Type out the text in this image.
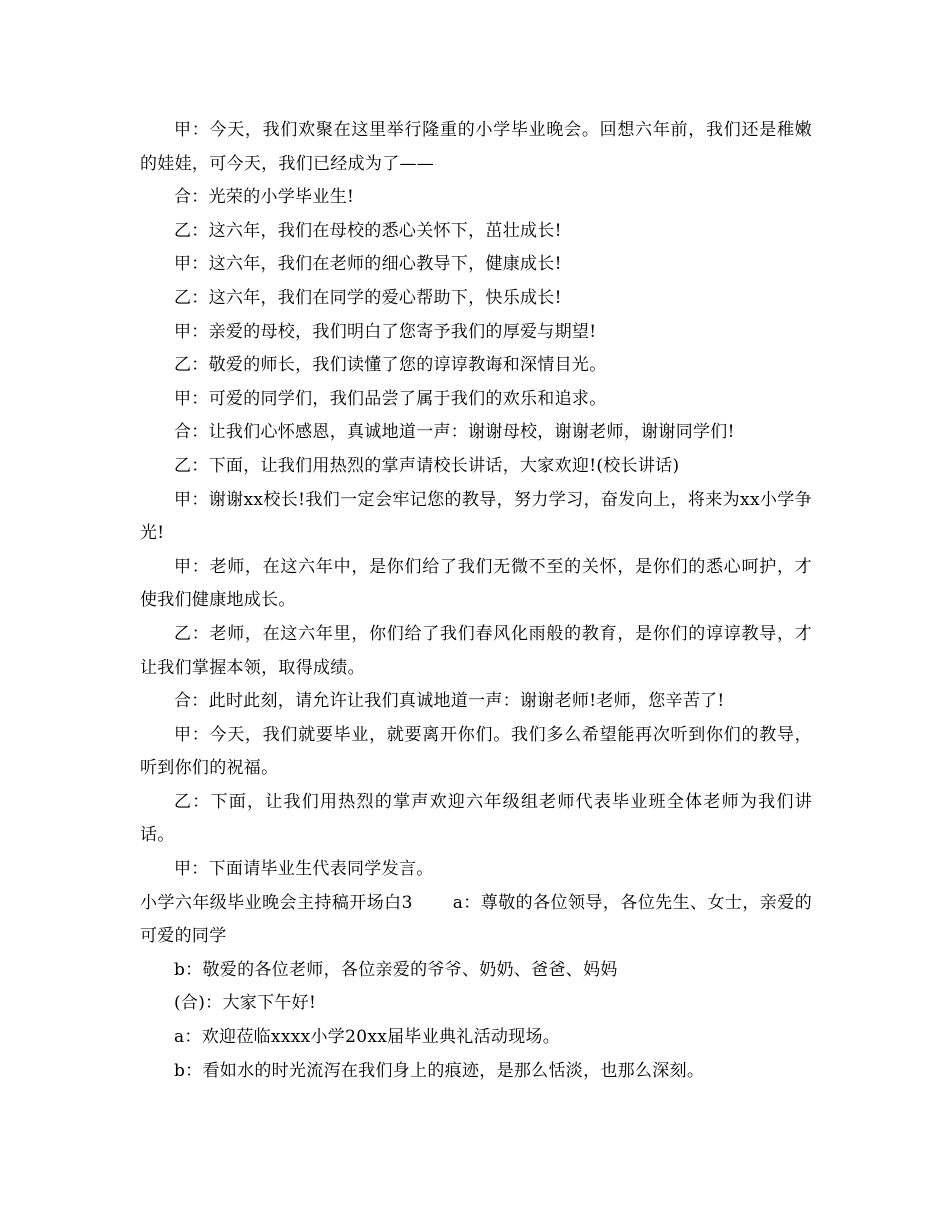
甲：今天，我们欢聚在这里举行隆重的小学毕业晚会。回想六年前，我们还是稚嫩的娃娃，可今天，我们已经成为了——

合：光荣的小学毕业生!

乙：这六年，我们在母校的悉心关怀下，茁壮成长!

甲：这六年，我们在老师的细心教导下，健康成长!

乙：这六年，我们在同学的爱心帮助下，快乐成长!

甲：亲爱的母校，我们明白了您寄予我们的厚爱与期望!

乙：敬爱的师长，我们读懂了您的谆谆教诲和深情目光。

甲：可爱的同学们，我们品尝了属于我们的欢乐和追求。

合：让我们心怀感恩，真诚地道一声：谢谢母校，谢谢老师，谢谢同学们!

乙：下面，让我们用热烈的掌声请校长讲话，大家欢迎!(校长讲话)

甲：谢谢xx校长!我们一定会牢记您的教导，努力学习，奋发向上，将来为xx小学争光!

甲：老师，在这六年中，是你们给了我们无微不至的关怀，是你们的悉心呵护，才使我们健康地成长。

乙：老师，在这六年里，你们给了我们春风化雨般的教育，是你们的谆谆教导，才让我们掌握本领，取得成绩。

合：此时此刻，请允许让我们真诚地道一声：谢谢老师!老师，您辛苦了!

甲：今天，我们就要毕业，就要离开你们。我们多么希望能再次听到你们的教导，听到你们的祝福。

乙：下面，让我们用热烈的掌声欢迎六年级组老师代表毕业班全体老师为我们讲话。

甲：下面请毕业生代表同学发言。

小学六年级毕业晚会主持稿开场白3 a：尊敬的各位领导，各位先生、女士，亲爱的可爱的同学

b：敬爱的各位老师，各位亲爱的爷爷、奶奶、爸爸、妈妈

(合)：大家下午好!

a：欢迎莅临xxxx小学20xx届毕业典礼活动现场。

b：看如水的时光流泻在我们身上的痕迹，是那么恬淡，也那么深刻。
